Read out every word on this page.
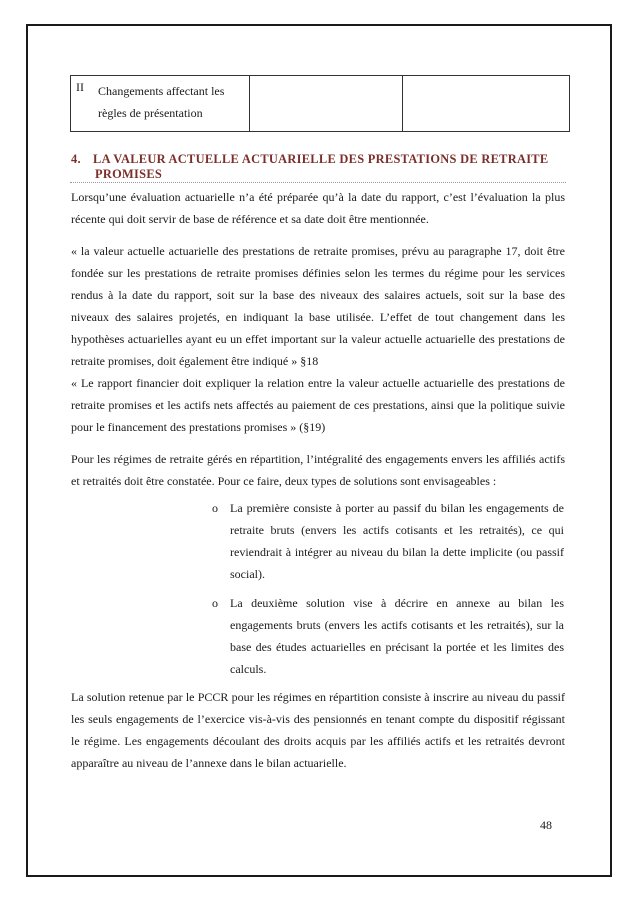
II Changements affectant les règles de présentation

4. LA VALEUR ACTUELLE ACTUARIELLE DES PRESTATIONS DE RETRAITE
PROMISES
Lorsqu’une évaluation actuarielle n’a été préparée qu’à la date du rapport, c’est l’évaluation la plus récente qui doit servir de base de référence et sa date doit être mentionnée.
« la valeur actuelle actuarielle des prestations de retraite promises, prévu au paragraphe 17, doit être fondée sur les prestations de retraite promises définies selon les termes du régime pour les services rendus à la date du rapport, soit sur la base des niveaux des salaires actuels, soit sur la base des niveaux des salaires projetés, en indiquant la base utilisée. L’effet de tout changement dans les hypothèses actuarielles ayant eu un effet important sur la valeur actuelle actuarielle des prestations de retraite promises, doit également être indiqué » §18
« Le rapport financier doit expliquer la relation entre la valeur actuelle actuarielle des prestations de retraite promises et les actifs nets affectés au paiement de ces prestations, ainsi que la politique suivie pour le financement des prestations promises » (§19)
Pour les régimes de retraite gérés en répartition, l’intégralité des engagements envers les affiliés actifs et retraités doit être constatée. Pour ce faire, deux types de solutions sont envisageables :
o	La première consiste à porter au passif du bilan les engagements de retraite bruts (envers les actifs cotisants et les retraités), ce qui reviendrait à intégrer au niveau du bilan la dette implicite (ou passif social).
o	La deuxième solution vise à décrire en annexe au bilan les engagements bruts (envers les actifs cotisants et les retraités), sur la base des études actuarielles en précisant la portée et les limites des calculs.
La solution retenue par le PCCR pour les régimes en répartition consiste à inscrire au niveau du passif les seuls engagements de l’exercice vis-à-vis des pensionnés en tenant compte du dispositif régissant le régime. Les engagements découlant des droits acquis par les affiliés actifs et les retraités devront apparaître au niveau de l’annexe dans le bilan actuarielle.
48
